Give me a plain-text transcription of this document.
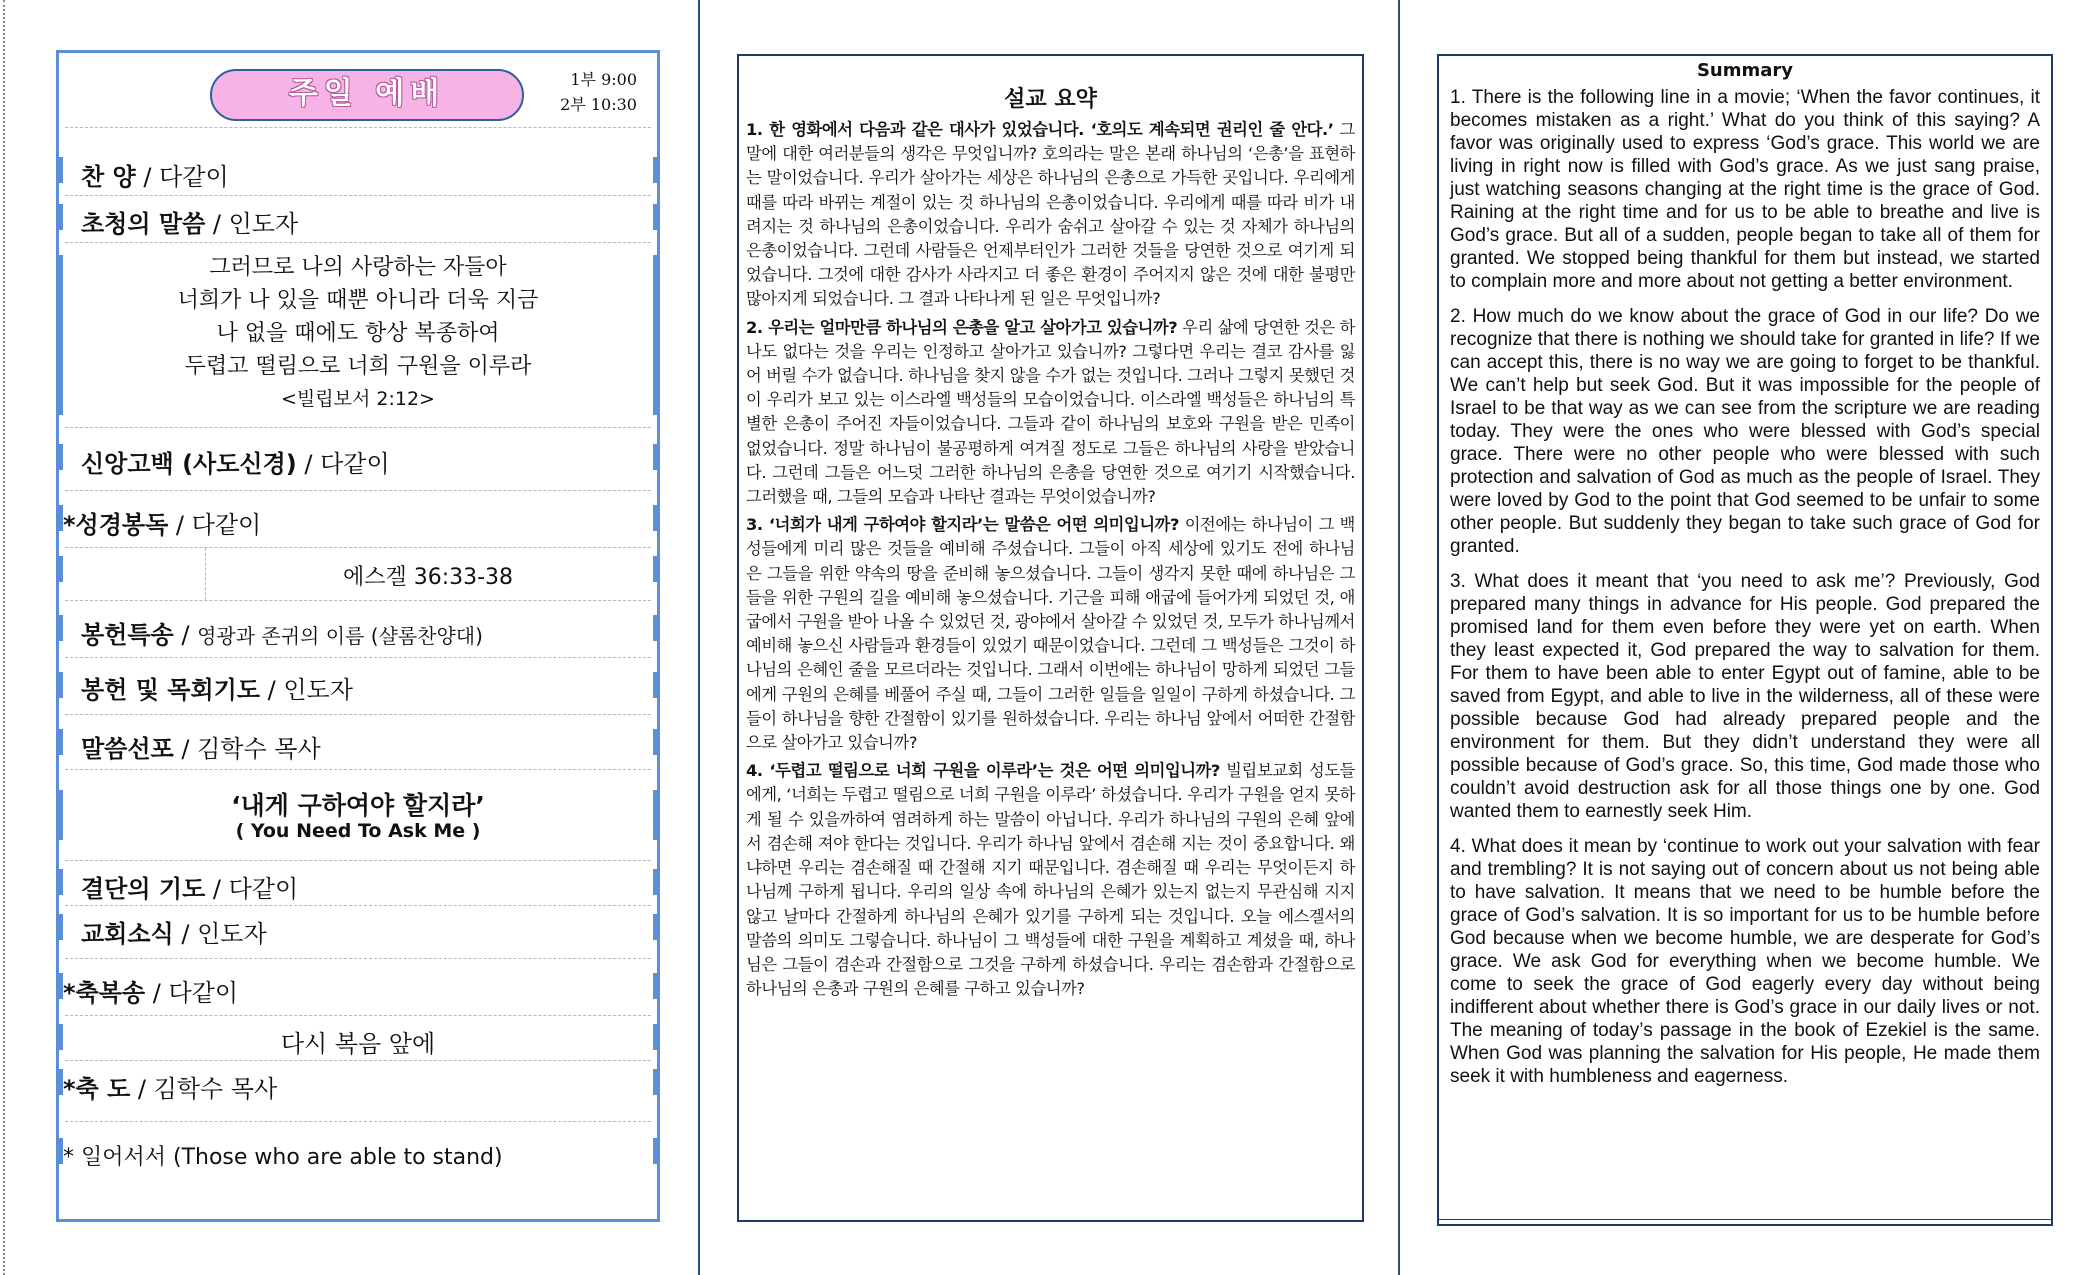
주일 예배	1부 9:00
2부 10:30
찬 양 / 다같이
초청의 말씀 / 인도자
그러므로 나의 사랑하는 자들아
너희가 나 있을 때뿐 아니라 더욱 지금
나 없을 때에도 항상 복종하여
두렵고 떨림으로 너희 구원을 이루라
<빌립보서 2:12>
신앙고백 (사도신경) / 다같이
*성경봉독 / 다같이
에스겔 36:33-38
봉헌특송 / 영광과 존귀의 이름 (샬롬찬양대)
봉헌 및 목회기도 / 인도자
말씀선포 / 김학수 목사
‘내게 구하여야 할지라’
( You Need To Ask Me )
결단의 기도 / 다같이
교회소식 / 인도자
*축복송 / 다같이
다시 복음 앞에
*축 도 / 김학수 목사
* 일어서서 (Those who are able to stand)
설교 요약

1. 한 영화에서 다음과 같은 대사가 있었습니다. ‘호의도 계속되면 권리인 줄 안다.’ 그 말에 대한 여러분들의 생각은 무엇입니까? 호의라는 말은 본래 하나님의 ‘은총’을 표현하는 말이었습니다. 우리가 살아가는 세상은 하나님의 은총으로 가득한 곳입니다. 우리에게 때를 따라 바뀌는 계절이 있는 것 하나님의 은총이었습니다. 우리에게 때를 따라 비가 내려지는 것 하나님의 은총이었습니다. 우리가 숨쉬고 살아갈 수 있는 것 자체가 하나님의 은총이었습니다. 그런데 사람들은 언제부터인가 그러한 것들을 당연한 것으로 여기게 되었습니다. 그것에 대한 감사가 사라지고 더 좋은 환경이 주어지지 않은 것에 대한 불평만 많아지게 되었습니다. 그 결과 나타나게 된 일은 무엇입니까?

2. 우리는 얼마만큼 하나님의 은총을 알고 살아가고 있습니까? 우리 삶에 당연한 것은 하나도 없다는 것을 우리는 인정하고 살아가고 있습니까? 그렇다면 우리는 결코 감사를 잃어 버릴 수가 없습니다. 하나님을 찾지 않을 수가 없는 것입니다. 그러나 그렇지 못했던 것이 우리가 보고 있는 이스라엘 백성들의 모습이었습니다. 이스라엘 백성들은 하나님의 특별한 은총이 주어진 자들이었습니다. 그들과 같이 하나님의 보호와 구원을 받은 민족이 없었습니다. 정말 하나님이 불공평하게 여겨질 정도로 그들은 하나님의 사랑을 받았습니다. 그런데 그들은 어느덧 그러한 하나님의 은총을 당연한 것으로 여기기 시작했습니다. 그러했을 때, 그들의 모습과 나타난 결과는 무엇이었습니까?

3. ‘너희가 내게 구하여야 할지라’는 말씀은 어떤 의미입니까? 이전에는 하나님이 그 백성들에게 미리 많은 것들을 예비해 주셨습니다. 그들이 아직 세상에 있기도 전에 하나님은 그들을 위한 약속의 땅을 준비해 놓으셨습니다. 그들이 생각지 못한 때에 하나님은 그들을 위한 구원의 길을 예비해 놓으셨습니다. 기근을 피해 애굽에 들어가게 되었던 것, 애굽에서 구원을 받아 나올 수 있었던 것, 광야에서 살아갈 수 있었던 것, 모두가 하나님께서 예비해 놓으신 사람들과 환경들이 있었기 때문이었습니다. 그런데 그 백성들은 그것이 하나님의 은혜인 줄을 모르더라는 것입니다. 그래서 이번에는 하나님이 망하게 되었던 그들에게 구원의 은혜를 베풀어 주실 때, 그들이 그러한 일들을 일일이 구하게 하셨습니다. 그들이 하나님을 향한 간절함이 있기를 원하셨습니다. 우리는 하나님 앞에서 어떠한 간절함으로 살아가고 있습니까?

4. ‘두렵고 떨림으로 너희 구원을 이루라’는 것은 어떤 의미입니까? 빌립보교회 성도들에게, ‘너희는 두렵고 떨림으로 너희 구원을 이루라’ 하셨습니다. 우리가 구원을 얻지 못하게 될 수 있을까하여 염려하게 하는 말씀이 아닙니다. 우리가 하나님의 구원의 은혜 앞에서 겸손해 져야 한다는 것입니다. 우리가 하나님 앞에서 겸손해 지는 것이 중요합니다. 왜냐하면 우리는 겸손해질 때 간절해 지기 때문입니다. 겸손해질 때 우리는 무엇이든지 하나님께 구하게 됩니다. 우리의 일상 속에 하나님의 은혜가 있는지 없는지 무관심해 지지 않고 날마다 간절하게 하나님의 은혜가 있기를 구하게 되는 것입니다. 오늘 에스겔서의 말씀의 의미도 그렇습니다. 하나님이 그 백성들에 대한 구원을 계획하고 계셨을 때, 하나님은 그들이 겸손과 간절함으로 그것을 구하게 하셨습니다. 우리는 겸손함과 간절함으로 하나님의 은총과 구원의 은혜를 구하고 있습니까?

Summary

1. There is the following line in a movie; ‘When the favor continues, it becomes mistaken as a right.’ What do you think of this saying? A favor was originally used to express ‘God’s grace. This world we are living in right now is filled with God’s grace. As we just sang praise, just watching seasons changing at the right time is the grace of God. Raining at the right time and for us to be able to breathe and live is God’s grace. But all of a sudden, people began to take all of them for granted. We stopped being thankful for them but instead, we started to complain more and more about not getting a better environment.

2. How much do we know about the grace of God in our life? Do we recognize that there is nothing we should take for granted in life? If we can accept this, there is no way we are going to forget to be thankful. We can’t help but seek God. But it was impossible for the people of Israel to be that way as we can see from the scripture we are reading today. They were the ones who were blessed with God’s special grace. There were no other people who were blessed with such protection and salvation of God as much as the people of Israel. They were loved by God to the point that God seemed to be unfair to some other people. But suddenly they began to take such grace of God for granted.

3. What does it meant that ‘you need to ask me’? Previously, God prepared many things in advance for His people. God prepared the promised land for them even before they were yet on earth. When they least expected it, God prepared the way to salvation for them. For them to have been able to enter Egypt out of famine, able to be saved from Egypt, and able to live in the wilderness, all of these were possible because God had already prepared people and the environment for them. But they didn’t understand they were all possible because of God’s grace. So, this time, God made those who couldn’t avoid destruction ask for all those things one by one. God wanted them to earnestly seek Him.

4. What does it mean by ‘continue to work out your salvation with fear and trembling? It is not saying out of concern about us not being able to have salvation. It means that we need to be humble before the grace of God’s salvation. It is so important for us to be humble before God because when we become humble, we are desperate for God’s grace. We ask God for everything when we become humble. We come to seek the grace of God eagerly every day without being indifferent about whether there is God’s grace in our daily lives or not. The meaning of today’s passage in the book of Ezekiel is the same. When God was planning the salvation for His people, He made them seek it with humbleness and eagerness.
